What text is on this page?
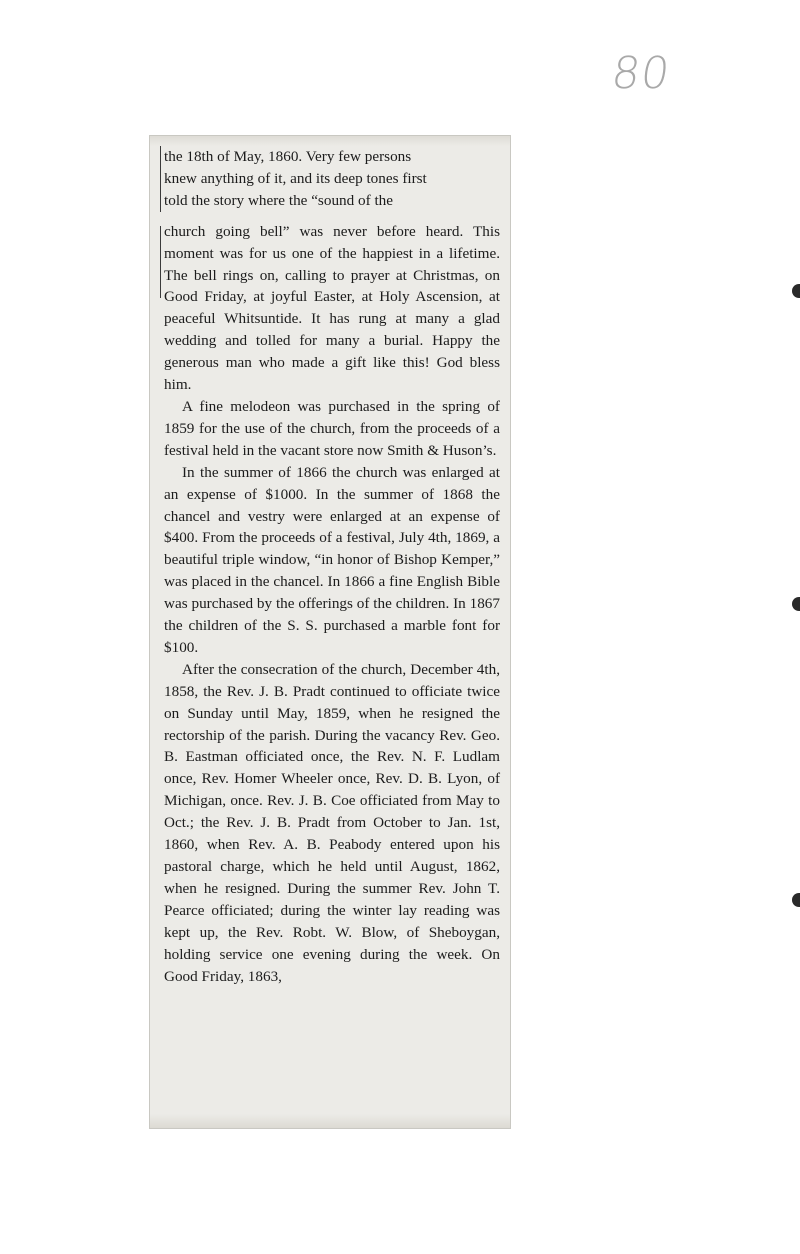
80

the 18th of May, 1860. Very few persons

knew anything of it, and its deep tones first

told the story where the “sound of the

church going bell” was never before heard. This moment was for us one of the happiest in a lifetime. The bell rings on, calling to prayer at Christmas, on Good Friday, at joyful Easter, at Holy Ascension, at peaceful Whitsuntide. It has rung at many a glad wedding and tolled for many a burial. Happy the generous man who made a gift like this! God bless him.

A fine melodeon was purchased in the spring of 1859 for the use of the church, from the proceeds of a festival held in the vacant store now Smith & Huson’s.

In the summer of 1866 the church was enlarged at an expense of $1000. In the summer of 1868 the chancel and vestry were enlarged at an expense of $400. From the proceeds of a festival, July 4th, 1869, a beautiful triple window, “in honor of Bishop Kemper,” was placed in the chancel. In 1866 a fine English Bible was purchased by the offerings of the children. In 1867 the children of the S. S. purchased a marble font for $100.

After the consecration of the church, December 4th, 1858, the Rev. J. B. Pradt continued to officiate twice on Sunday until May, 1859, when he resigned the rectorship of the parish. During the vacancy Rev. Geo. B. Eastman officiated once, the Rev. N. F. Ludlam once, Rev. Homer Wheeler once, Rev. D. B. Lyon, of Michigan, once. Rev. J. B. Coe officiated from May to Oct.; the Rev. J. B. Pradt from October to Jan. 1st, 1860, when Rev. A. B. Peabody entered upon his pastoral charge, which he held until August, 1862, when he resigned. During the summer Rev. John T. Pearce officiated; during the winter lay reading was kept up, the Rev. Robt. W. Blow, of Sheboygan, holding service one evening during the week. On Good Friday, 1863,
